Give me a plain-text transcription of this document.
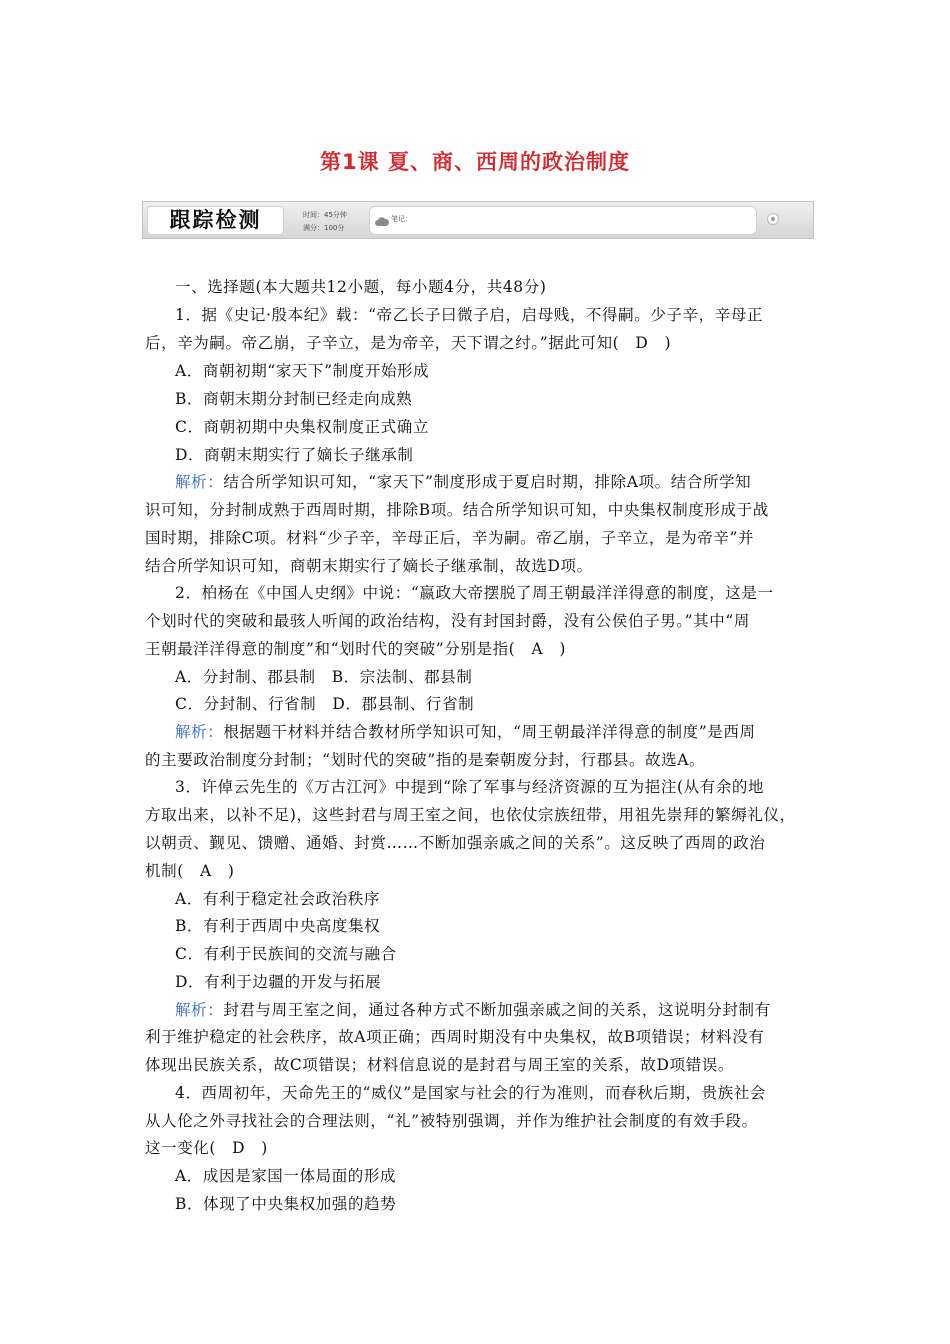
第1课 夏、商、西周的政治制度
跟踪检测	时间：45分钟
满分：100分
笔记：
一、选择题(本大题共12小题，每小题4分，共48分)
1．据《史记·殷本纪》载：“帝乙长子曰微子启，启母贱，不得嗣。少子辛，辛母正
后，辛为嗣。帝乙崩，子辛立，是为帝辛，天下谓之纣。”据此可知(　D　)
A．商朝初期“家天下”制度开始形成
B．商朝末期分封制已经走向成熟
C．商朝初期中央集权制度正式确立
D．商朝末期实行了嫡长子继承制
解析：结合所学知识可知，“家天下”制度形成于夏启时期，排除A项。结合所学知
识可知，分封制成熟于西周时期，排除B项。结合所学知识可知，中央集权制度形成于战
国时期，排除C项。材料“少子辛，辛母正后，辛为嗣。帝乙崩，子辛立，是为帝辛”并
结合所学知识可知，商朝末期实行了嫡长子继承制，故选D项。
2．柏杨在《中国人史纲》中说：“嬴政大帝摆脱了周王朝最洋洋得意的制度，这是一
个划时代的突破和最骇人听闻的政治结构，没有封国封爵，没有公侯伯子男。”其中“周
王朝最洋洋得意的制度”和“划时代的突破”分别是指(　A　)
A．分封制、郡县制　B．宗法制、郡县制
C．分封制、行省制　D．郡县制、行省制
解析：根据题干材料并结合教材所学知识可知，“周王朝最洋洋得意的制度”是西周
的主要政治制度分封制；“划时代的突破”指的是秦朝废分封，行郡县。故选A。
3．许倬云先生的《万古江河》中提到“除了军事与经济资源的互为挹注(从有余的地
方取出来，以补不足)，这些封君与周王室之间，也依仗宗族纽带，用祖先崇拜的繁缛礼仪，
以朝贡、觐见、馈赠、通婚、封赏……不断加强亲戚之间的关系”。这反映了西周的政治
机制(　A　)
A．有利于稳定社会政治秩序
B．有利于西周中央高度集权
C．有利于民族间的交流与融合
D．有利于边疆的开发与拓展
解析：封君与周王室之间，通过各种方式不断加强亲戚之间的关系，这说明分封制有
利于维护稳定的社会秩序，故A项正确；西周时期没有中央集权，故B项错误；材料没有
体现出民族关系，故C项错误；材料信息说的是封君与周王室的关系，故D项错误。
4．西周初年，天命先王的“威仪”是国家与社会的行为准则，而春秋后期，贵族社会
从人伦之外寻找社会的合理法则，“礼”被特别强调，并作为维护社会制度的有效手段。
这一变化(　D　)
A．成因是家国一体局面的形成
B．体现了中央集权加强的趋势
